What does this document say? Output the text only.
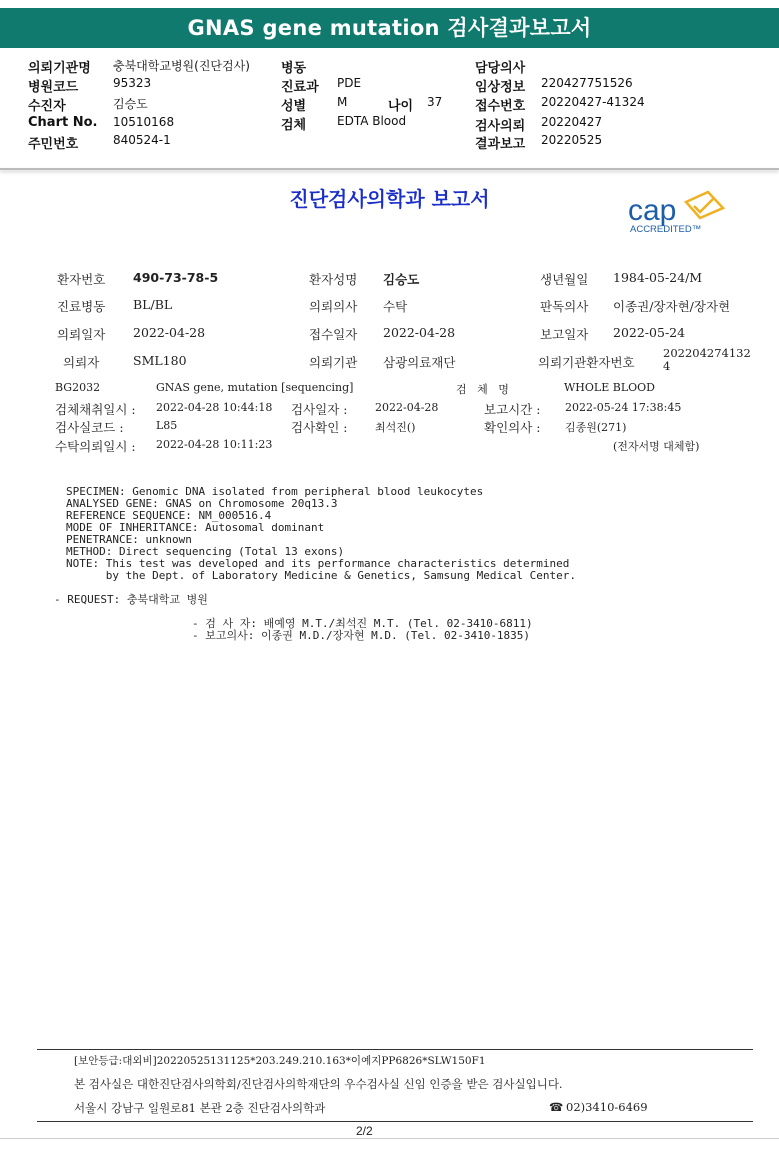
GNAS gene mutation 검사결과보고서
의뢰기관명 충북대학교병원(진단검사)
병원코드	95323
수진자	김승도
Chart No. 10510168
주민번호	840524-1
병동
진료과 PDE
성별	M	나이 37
검체	EDTA Blood
담당의사
임상정보 220427751526
접수번호 20220427-41324
검사의뢰 20220427
결과보고 20220525
진단검사의학과 보고서	cap
ACCREDITED™
환자번호 490-73-78-5	환자성명 김승도	생년월일 1984-05-24/M
진료병동 BL/BL	의뢰의사 수탁	판독의사 이종권/장자현/장자현
의뢰일자 2022-04-28	접수일자 2022-04-28	보고일자 2022-05-24
의뢰자	SML180	의뢰기관 삼광의료재단	의뢰기관환자번호
202204274132
4
BG2032	GNAS gene, mutation [sequencing]	검   체   명	WHOLE BLOOD
검체채취일시 : 2022-04-28 10:44:18 검사일자 :	2022-04-28	보고시간 : 2022-05-24 17:38:45
검사실코드 :	L85	검사확인 :	최석진()	확인의사 : 김종원(271)
수탁의뢰일시 : 2022-04-28 10:11:23	(전자서명 대체함)
SPECIMEN: Genomic DNA isolated from peripheral blood leukocytes
ANALYSED GENE: GNAS on Chromosome 20q13.3
REFERENCE SEQUENCE: NM_000516.4
MODE OF INHERITANCE: Autosomal dominant
PENETRANCE: unknown
METHOD: Direct sequencing (Total 13 exons)
NOTE: This test was developed and its performance characteristics determined
by the Dept. of Laboratory Medicine & Genetics, Samsung Medical Center.
- REQUEST: 충북대학교 병원
- 검 사 자: 배예영 M.T./최석진 M.T. (Tel. 02-3410-6811)
- 보고의사: 이종권 M.D./장자현 M.D. (Tel. 02-3410-1835)
[보안등급:대외비]20220525131125*203.249.210.163*이예지PP6826*SLW150F1
본 검사실은 대한진단검사의학회/진단검사의학재단의 우수검사실 신임 인증을 받은 검사실입니다.
서울시 강남구 일원로81 본관 2층 진단검사의학과	☎ 02)3410-6469
2/2
